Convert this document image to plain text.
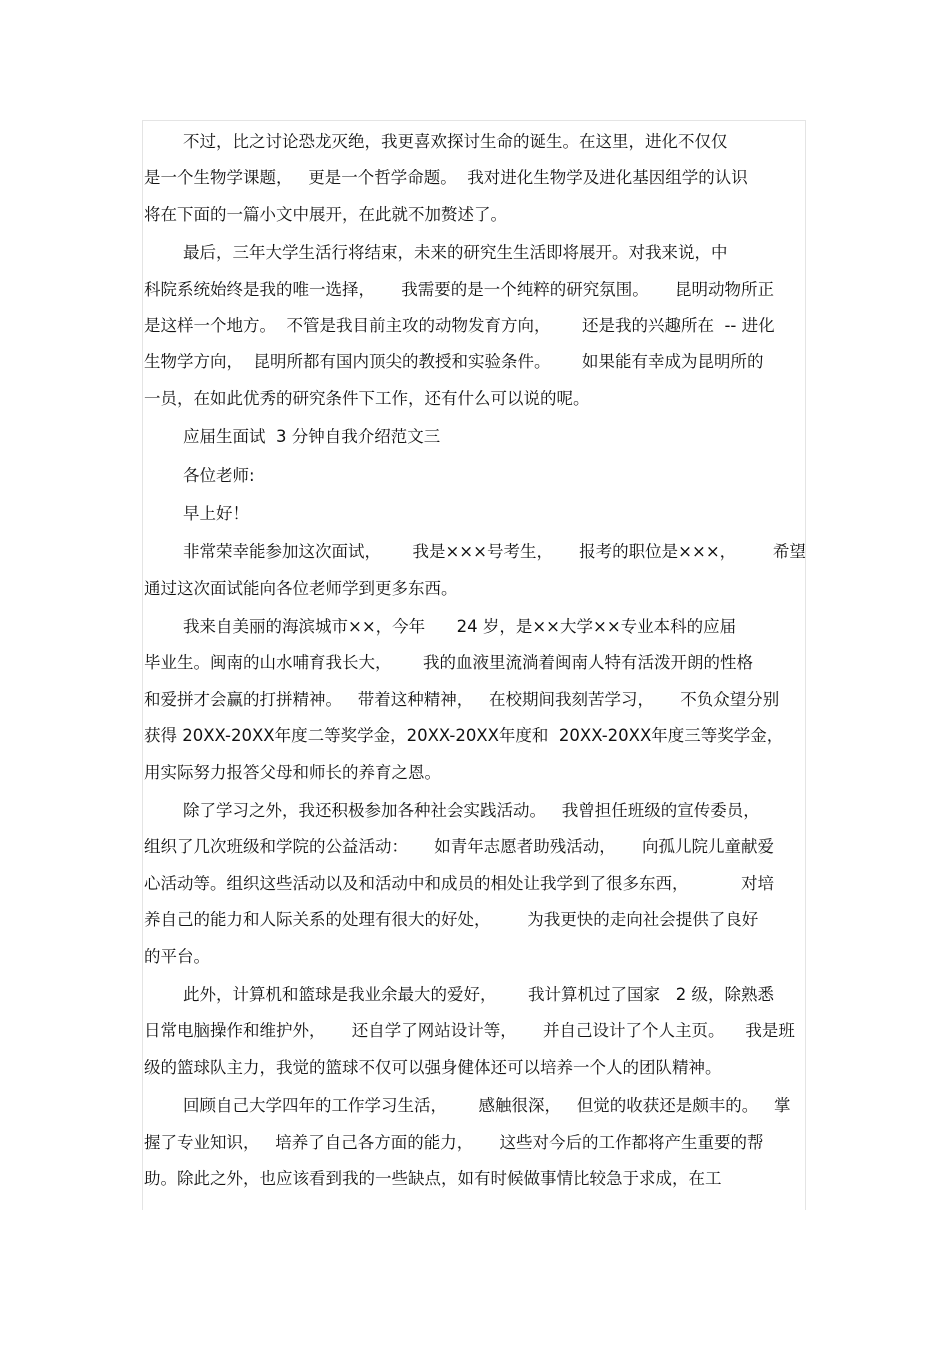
不过，比之讨论恐龙灭绝，我更喜欢探讨生命的诞生。在这里，进化不仅仅
是一个生物学课题，   更是一个哲学命题。  我对进化生物学及进化基因组学的认识
将在下面的一篇小文中展开，在此就不加赘述了。
最后，三年大学生活行将结束，未来的研究生生活即将展开。对我来说，中
科院系统始终是我的唯一选择，     我需要的是一个纯粹的研究氛围。     昆明动物所正
是这样一个地方。  不管是我目前主攻的动物发育方向，      还是我的兴趣所在  -- 进化
生物学方向，  昆明所都有国内顶尖的教授和实验条件。      如果能有幸成为昆明所的
一员，在如此优秀的研究条件下工作，还有什么可以说的呢。
应届生面试  3 分钟自我介绍范文三
各位老师:
早上好！
非常荣幸能参加这次面试，      我是×××号考生，     报考的职位是×××，       希望
通过这次面试能向各位老师学到更多东西。
我来自美丽的海滨城市××，今年      24 岁，是××大学××专业本科的应届
毕业生。闽南的山水哺育我长大，      我的血液里流淌着闽南人特有活泼开朗的性格
和爱拼才会赢的打拼精神。   带着这种精神，   在校期间我刻苦学习，     不负众望分别
获得 20XX-20XX年度二等奖学金，20XX-20XX年度和  20XX-20XX年度三等奖学金，
用实际努力报答父母和师长的养育之恩。
除了学习之外，我还积极参加各种社会实践活动。   我曾担任班级的宣传委员，
组织了几次班级和学院的公益活动：     如青年志愿者助残活动，     向孤儿院儿童献爱
心活动等。组织这些活动以及和活动中和成员的相处让我学到了很多东西，          对培
养自己的能力和人际关系的处理有很大的好处，       为我更快的走向社会提供了良好
的平台。
此外，计算机和篮球是我业余最大的爱好，      我计算机过了国家   2 级，除熟悉
日常电脑操作和维护外，     还自学了网站设计等，     并自己设计了个人主页。    我是班
级的篮球队主力，我觉的篮球不仅可以强身健体还可以培养一个人的团队精神。
回顾自己大学四年的工作学习生活，      感触很深，   但觉的收获还是颇丰的。   掌
握了专业知识，   培养了自己各方面的能力，     这些对今后的工作都将产生重要的帮
助。除此之外，也应该看到我的一些缺点，如有时候做事情比较急于求成，在工
